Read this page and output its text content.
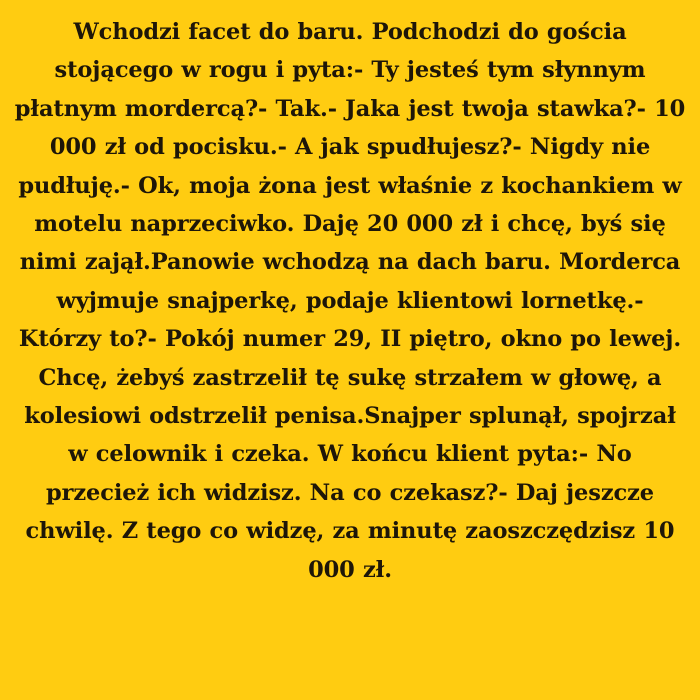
Wchodzi facet do baru. Podchodzi do gościa stojącego w rogu i pyta:- Ty jesteś tym słynnym płatnym mordercą?- Tak.- Jaka jest twoja stawka?- 10 000 zł od pocisku.- A jak spudłujesz?- Nigdy nie pudłuję.- Ok, moja żona jest właśnie z kochankiem w motelu naprzeciwko. Daję 20 000 zł i chcę, byś się nimi zajął.Panowie wchodzą na dach baru. Morderca wyjmuje snajperkę, podaje klientowi lornetkę.- Którzy to?- Pokój numer 29, II piętro, okno po lewej. Chcę, żebyś zastrzelił tę sukę strzałem w głowę, a kolesiowi odstrzelił penisa.Snajper splunął, spojrzał w celownik i czeka. W końcu klient pyta:- No przecież ich widzisz. Na co czekasz?- Daj jeszcze chwilę. Z tego co widzę, za minutę zaoszczędzisz 10 000 zł.
